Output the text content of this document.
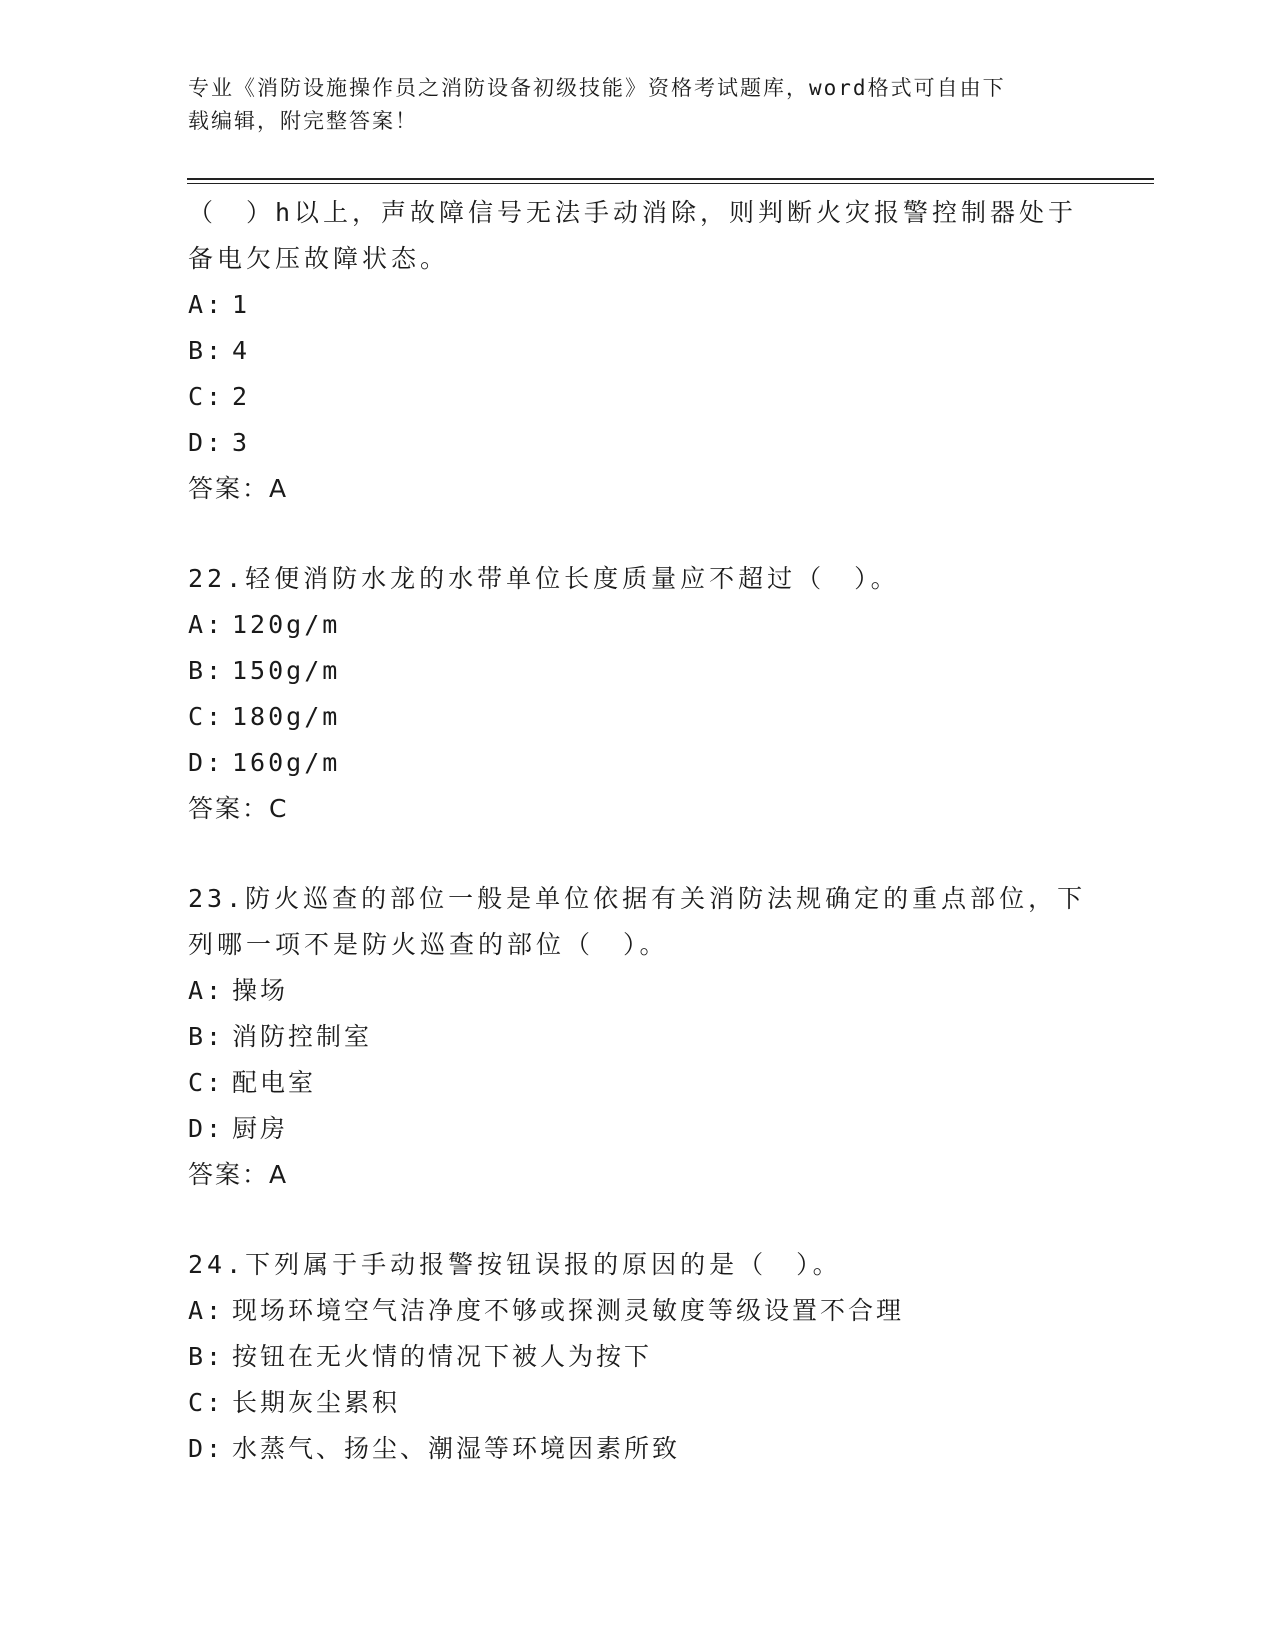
专业《消防设施操作员之消防设备初级技能》资格考试题库，word格式可自由下
载编辑，附完整答案！

（　）h以上，声故障信号无法手动消除，则判断火灾报警控制器处于

备电欠压故障状态。

A: 1

B: 4

C: 2

D: 3

答案：A

22.轻便消防水龙的水带单位长度质量应不超过（　）。

A: 120g/m

B: 150g/m

C: 180g/m

D: 160g/m

答案：C

23.防火巡查的部位一般是单位依据有关消防法规确定的重点部位，下

列哪一项不是防火巡查的部位（　）。

A: 操场

B: 消防控制室

C: 配电室

D: 厨房

答案：A

24.下列属于手动报警按钮误报的原因的是（　）。

A: 现场环境空气洁净度不够或探测灵敏度等级设置不合理

B: 按钮在无火情的情况下被人为按下

C: 长期灰尘累积

D: 水蒸气、扬尘、潮湿等环境因素所致
